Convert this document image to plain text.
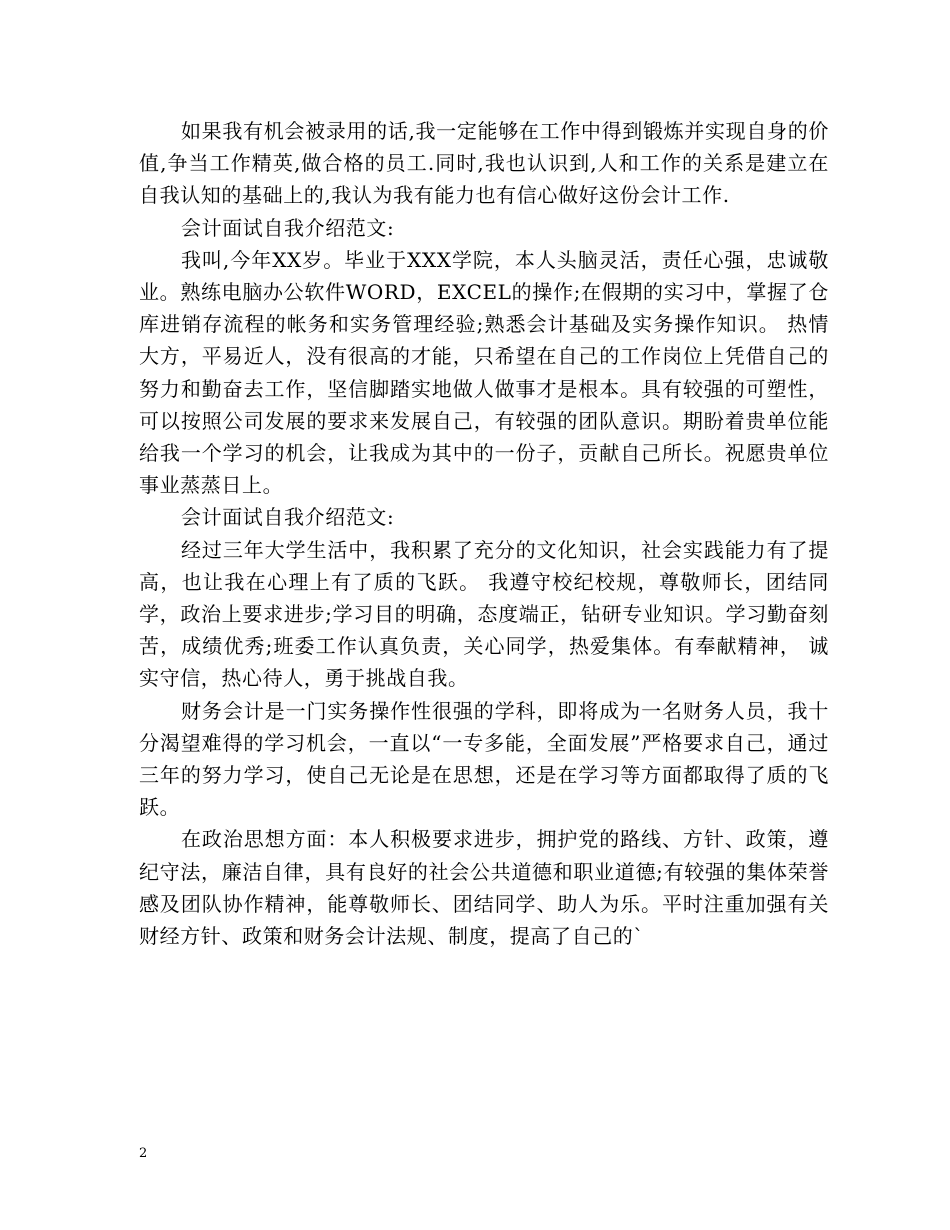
如果我有机会被录用的话,我一定能够在工作中得到锻炼并实现自身的价值,争当工作精英,做合格的员工.同时,我也认识到,人和工作的关系是建立在自我认知的基础上的,我认为我有能力也有信心做好这份会计工作.

会计面试自我介绍范文:

我叫,今年XX岁。毕业于XXX学院，本人头脑灵活，责任心强，忠诚敬业。熟练电脑办公软件WORD，EXCEL的操作;在假期的实习中，掌握了仓库进销存流程的帐务和实务管理经验;熟悉会计基础及实务操作知识。 热情大方，平易近人，没有很高的才能，只希望在自己的工作岗位上凭借自己的努力和勤奋去工作，坚信脚踏实地做人做事才是根本。具有较强的可塑性，可以按照公司发展的要求来发展自己，有较强的团队意识。期盼着贵单位能给我一个学习的机会，让我成为其中的一份子，贡献自己所长。祝愿贵单位事业蒸蒸日上。

会计面试自我介绍范文:

经过三年大学生活中，我积累了充分的文化知识，社会实践能力有了提高，也让我在心理上有了质的飞跃。 我遵守校纪校规，尊敬师长，团结同学，政治上要求进步;学习目的明确，态度端正，钻研专业知识。学习勤奋刻苦，成绩优秀;班委工作认真负责，关心同学，热爱集体。有奉献精神， 诚实守信，热心待人，勇于挑战自我。

财务会计是一门实务操作性很强的学科，即将成为一名财务人员，我十分渴望难得的学习机会，一直以“一专多能，全面发展”严格要求自己，通过三年的努力学习，使自己无论是在思想，还是在学习等方面都取得了质的飞跃。

在政治思想方面：本人积极要求进步，拥护党的路线、方针、政策，遵纪守法，廉洁自律，具有良好的社会公共道德和职业道德;有较强的集体荣誉感及团队协作精神，能尊敬师长、团结同学、助人为乐。平时注重加强有关财经方针、政策和财务会计法规、制度，提高了自己的`

2
